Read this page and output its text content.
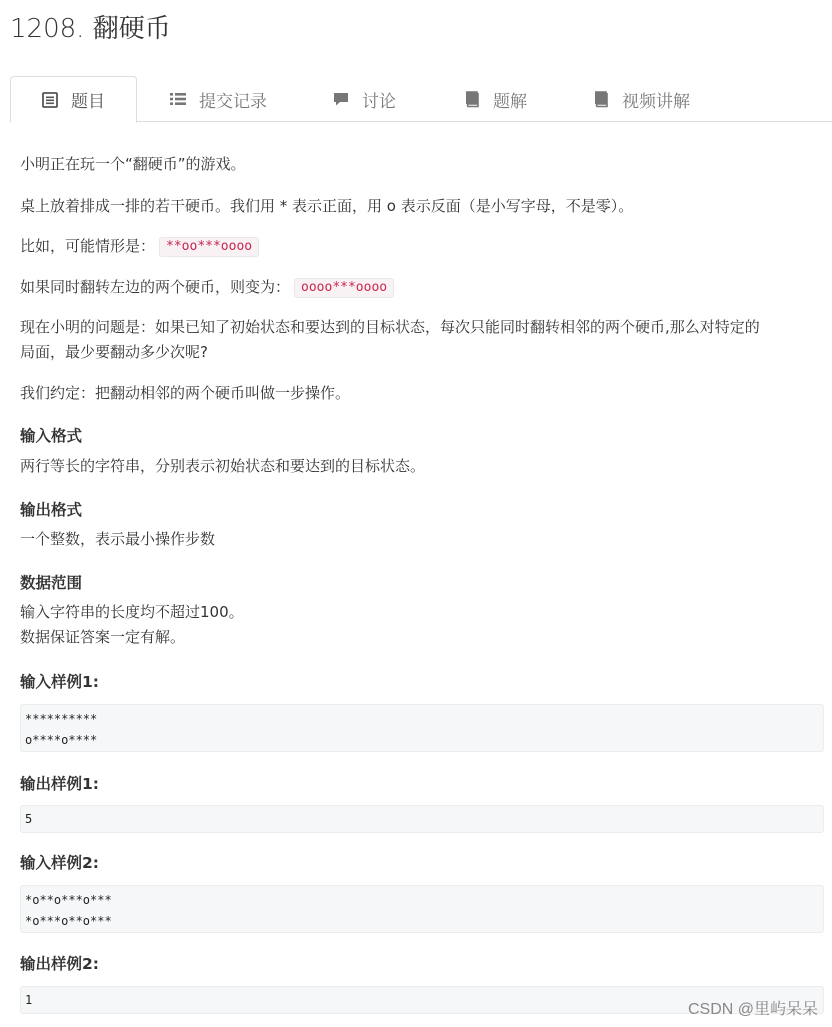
1208. 翻硬币
题目	提交记录	讨论	题解	视频讲解
小明正在玩一个“翻硬币”的游戏。
桌上放着排成一排的若干硬币。我们用 * 表示正面，用 o 表示反面（是小写字母，不是零）。
比如，可能情形是： **oo***oooo
如果同时翻转左边的两个硬币，则变为： oooo***oooo
现在小明的问题是：如果已知了初始状态和要达到的目标状态，每次只能同时翻转相邻的两个硬币,那么对特定的
局面，最少要翻动多少次呢?
我们约定：把翻动相邻的两个硬币叫做一步操作。
输入格式
两行等长的字符串，分别表示初始状态和要达到的目标状态。
输出格式
一个整数，表示最小操作步数
数据范围
输入字符串的长度均不超过100。
数据保证答案一定有解。
输入样例1:
**********
o****o****
输出样例1:
5
输入样例2:
*o**o***o***
*o***o**o***
输出样例2:
1
CSDN @里屿呆呆
